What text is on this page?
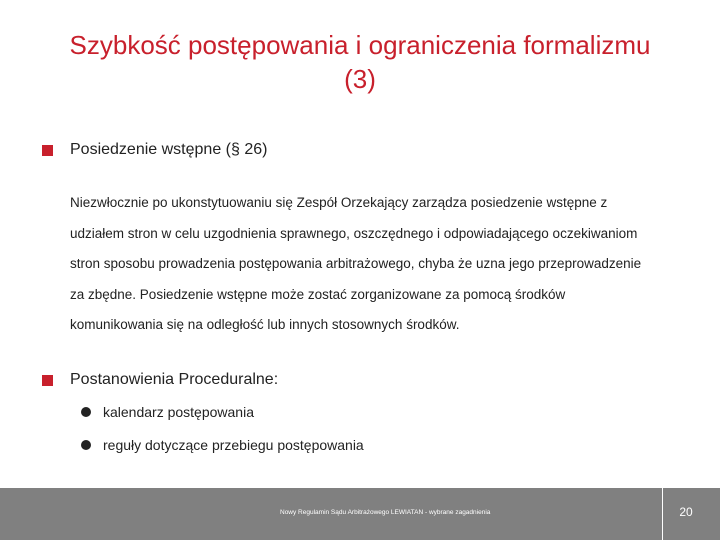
Szybkość postępowania i ograniczenia formalizmu
(3)
Posiedzenie wstępne (§ 26)

Niezwłocznie po ukonstytuowaniu się Zespół Orzekający zarządza posiedzenie wstępne z udziałem stron w celu uzgodnienia sprawnego, oszczędnego i odpowiadającego oczekiwaniom stron sposobu prowadzenia postępowania arbitrażowego, chyba że uzna jego przeprowadzenie za zbędne. Posiedzenie wstępne może zostać zorganizowane za pomocą środków komunikowania się na odległość lub innych stosownych środków.

Postanowienia Proceduralne:
kalendarz postępowania
reguły dotyczące przebiegu postępowania
Nowy Regulamin Sądu Arbitrażowego LEWIATAN - wybrane zagadnienia	20
